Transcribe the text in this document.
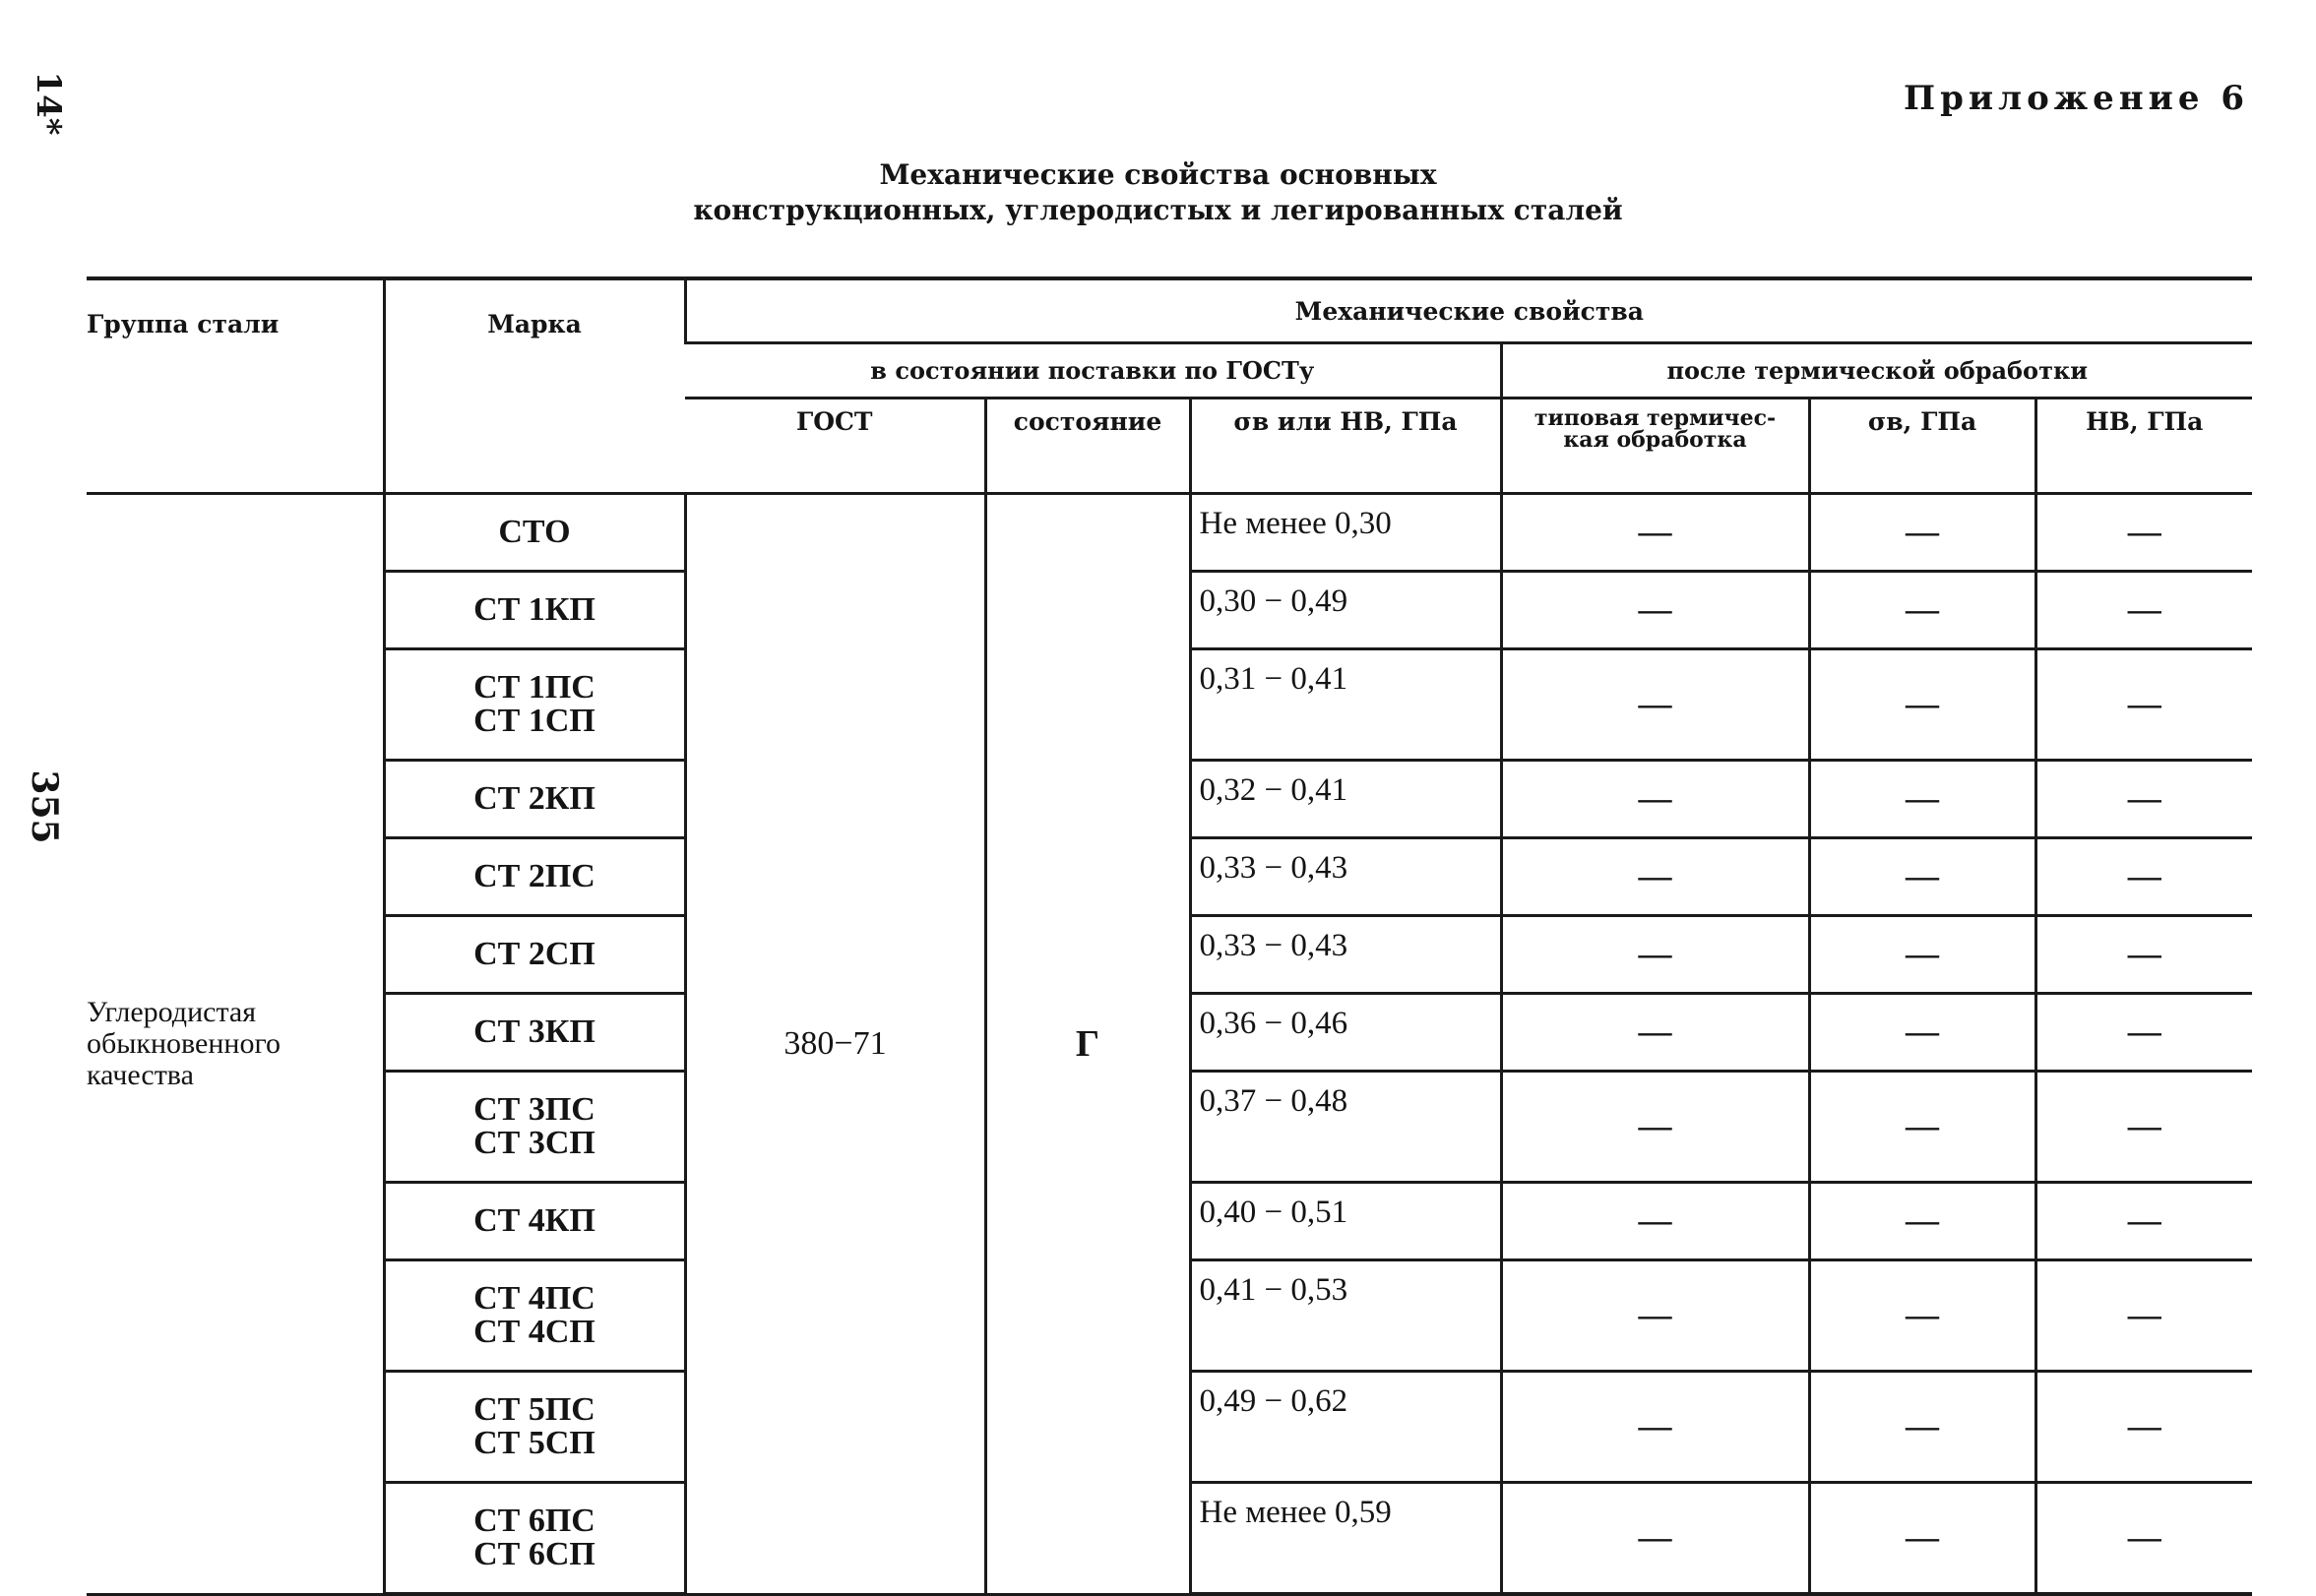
14*
355
Приложение 6
Механические свойства основных
конструкционных, углеродистых и легированных сталей
Группа стали	Марка	Механические свойства					
		в состоянии поставки по ГОСТу			после термической обработки		
		ГОСТ	состояние	σв или HB, ГПа	типовая термичес-
кая обработка	σв, ГПа	HB, ГПа

Углеродистая
обыкновенного
качества	СТО	380−71	Г	Не менее 0,30	—	—	—

	СТ 1КП			0,30 − 0,49	—	—	—

	СТ 1ПС
СТ 1СП			0,31 − 0,41	—	—	—

	СТ 2КП			0,32 − 0,41	—	—	—

	СТ 2ПС			0,33 − 0,43	—	—	—

	СТ 2СП			0,33 − 0,43	—	—	—

	СТ 3КП			0,36 − 0,46	—	—	—

	СТ 3ПС
СТ 3СП			0,37 − 0,48	—	—	—

	СТ 4КП			0,40 − 0,51	—	—	—

	СТ 4ПС
СТ 4СП			0,41 − 0,53	—	—	—

	СТ 5ПС
СТ 5СП			0,49 − 0,62	—	—	—

	СТ 6ПС
СТ 6СП			Не менее 0,59	—	—	—
